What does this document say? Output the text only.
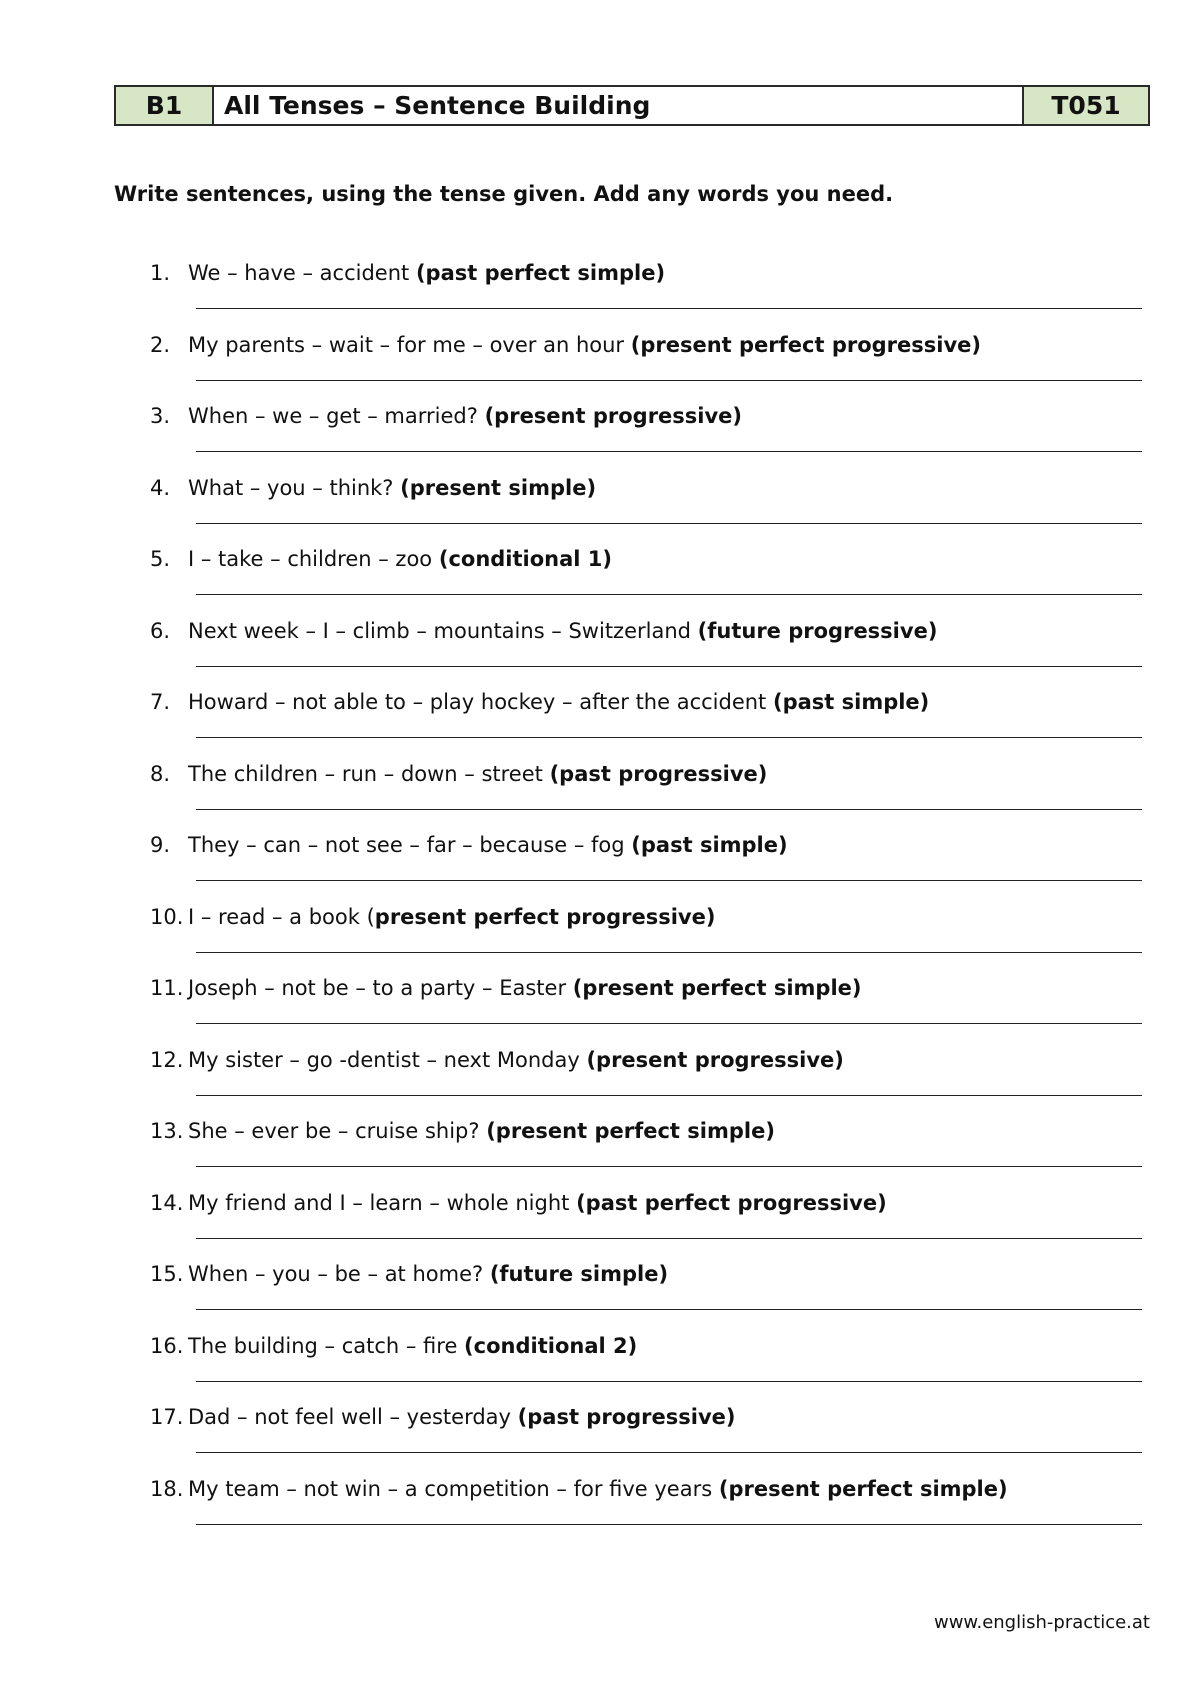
B1	All Tenses – Sentence Building	T051
Write sentences, using the tense given. Add any words you need.
1. We – have – accident (past perfect simple)
2. My parents – wait – for me – over an hour (present perfect progressive)
3. When – we – get – married? (present progressive)
4. What – you – think? (present simple)
5. I – take – children – zoo (conditional 1)
6. Next week – I – climb – mountains – Switzerland (future progressive)
7. Howard – not able to – play hockey – after the accident (past simple)
8. The children – run – down – street (past progressive)
9. They – can – not see – far – because – fog (past simple)
10. I – read – a book (present perfect progressive)
11. Joseph – not be – to a party – Easter (present perfect simple)
12. My sister – go -dentist – next Monday (present progressive)
13. She – ever be – cruise ship? (present perfect simple)
14. My friend and I – learn – whole night (past perfect progressive)
15. When – you – be – at home? (future simple)
16. The building – catch – fire (conditional 2)
17. Dad – not feel well – yesterday (past progressive)
18. My team – not win – a competition – for five years (present perfect simple)
www.english-practice.at
